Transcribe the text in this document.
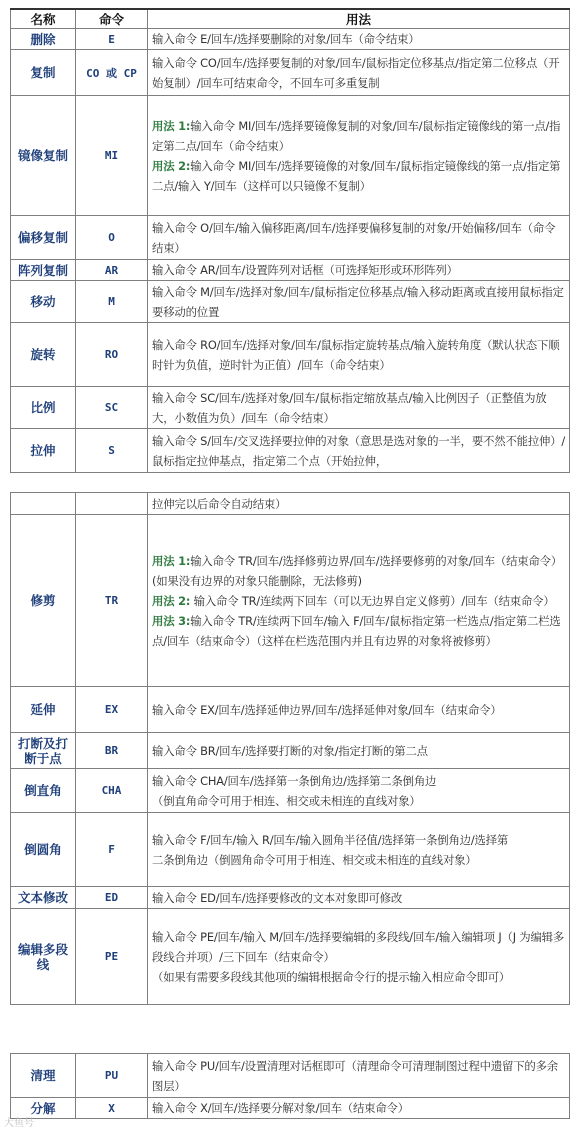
名称	命令	用法
删除	E	输入命令 E/回车/选择要删除的对象/回车（命令结束）

复制	CO 或 CP	输入命令 CO/回车/选择要复制的对象/回车/鼠标指定位移基点/指定第二位移点（开始复制）/回车可结束命令，不回车可多重复制

镜像复制	MI	用法 1:输入命令 MI/回车/选择要镜像复制的对象/回车/鼠标指定镜像线的第一点/指定第二点/回车（命令结束）
用法 2:输入命令 MI/回车/选择要镜像的对象/回车/鼠标指定镜像线的第一点/指定第二点/输入 Y/回车（这样可以只镜像不复制）

偏移复制	O	输入命令 O/回车/输入偏移距离/回车/选择要偏移复制的对象/开始偏移/回车（命令结束）

阵列复制	AR	输入命令 AR/回车/设置阵列对话框（可选择矩形或环形阵列）

移动	M	输入命令 M/回车/选择对象/回车/鼠标指定位移基点/输入移动距离或直接用鼠标指定要移动的位置

旋转	RO	输入命令 RO/回车/选择对象/回车/鼠标指定旋转基点/输入旋转角度（默认状态下顺时针为负值，逆时针为正值）/回车（命令结束）

比例	SC	输入命令 SC/回车/选择对象/回车/鼠标指定缩放基点/输入比例因子（正整值为放大，小数值为负）/回车（命令结束）

拉伸	S	输入命令 S/回车/交叉选择要拉伸的对象（意思是选对象的一半，要不然不能拉伸）/鼠标指定拉伸基点，指定第二个点（开始拉伸，

		拉伸完以后命令自动结束）

修剪	TR	用法 1:输入命令 TR/回车/选择修剪边界/回车/选择要修剪的对象/回车（结束命令）(如果没有边界的对象只能删除，无法修剪)
用法 2: 输入命令 TR/连续两下回车（可以无边界自定义修剪）/回车（结束命令）
用法 3:输入命令 TR/连续两下回车/输入 F/回车/鼠标指定第一栏选点/指定第二栏选点/回车（结束命令）（这样在栏选范围内并且有边界的对象将被修剪）

延伸	EX	输入命令 EX/回车/选择延伸边界/回车/选择延伸对象/回车（结束命令）

打断及打断于点	BR	输入命令 BR/回车/选择要打断的对象/指定打断的第二点

倒直角	CHA	输入命令 CHA/回车/选择第一条倒角边/选择第二条倒角边
（倒直角命令可用于相连、相交或未相连的直线对象）

倒圆角	F	输入命令 F/回车/输入 R/回车/输入圆角半径值/选择第一条倒角边/选择第
二条倒角边（倒圆角命令可用于相连、相交或未相连的直线对象）

文本修改	ED	输入命令 ED/回车/选择要修改的文本对象即可修改

编辑多段线	PE	输入命令 PE/回车/输入 M/回车/选择要编辑的多段线/回车/输入编辑项 J（J 为编辑多段线合并项）/三下回车（结束命令）
（如果有需要多段线其他项的编辑根据命令行的提示输入相应命令即可）
清理	PU	输入命令 PU/回车/设置清理对话框即可（清理命令可清理制图过程中遗留下的多余图层）

分解	X	输入命令 X/回车/选择要分解对象/回车（结束命令）
大鱼号
